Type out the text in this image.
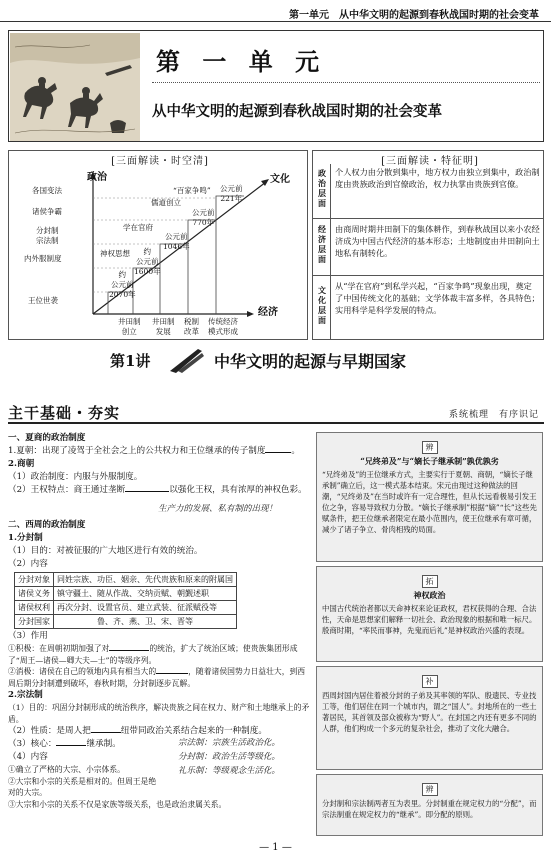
第一单元　从中华文明的起源到春秋战国时期的社会变革
第 一 单 元
从中华文明的起源到春秋战国时期的社会变革
[三面解读・时空清]
政治	文化
经济
各国变法
诸侯争霸
分封制
宗法制
内外服制度
王位世袭
神权思想
学在官府
儒道创立
“百家争鸣”
约
公元前
2070年
约
公元前
1600年
公元前
1046年
公元前
770年
公元前
221年
井田制
创立
井田制
发展
税制
改革
传统经济
模式形成
[三面解读・特征明]
政治层面
个人权力由分散到集中，地方权力由独立到集中，政治制度由贵族政治到官僚政治，权力执掌由贵族到官僚。
经济层面
由商周时期井田制下的集体耕作，到春秋战国以来小农经济成为中国古代经济的基本形态；土地制度由井田制向土地私有制转化。
文化层面
从“学在官府”到私学兴起，“百家争鸣”现象出现，奠定了中国传统文化的基础；文学体裁丰富多样，各具特色；实用科学是科学发展的特点。
第1讲	中华文明的起源与早期国家
主干基础・夯实	系统梳理　有序识记
一、夏商的政治制度
1.夏朝：出现了凌驾于全社会之上的公共权力和王位继承的传子制度	。
2.商朝
（1）政治制度：内服与外服制度。
（2）王权特点：商王通过垄断	以强化王权，具有浓厚的神权色彩。
生产力的发展、私有制的出现！
二、西周的政治制度
1.分封制
（1）目的：对被征服的广大地区进行有效的统治。
（2）内容
分封对象	同姓宗族、功臣、姻亲、先代贵族和原来的附属国
诸侯义务	镇守疆土、随从作战、交纳贡赋、朝觐述职
诸侯权利	再次分封、设置官员、建立武装、征派赋役等
分封国家	鲁、齐、燕、卫、宋、晋等
（3）作用
①积极：在周朝初期加强了对	的统治，扩大了统治区域；使贵族集团形成了“周王—诸侯—卿大夫—士”的等级序列。
②消极：诸侯在自己的领地内具有相当大的	，随着诸侯国势力日益壮大，到西周后期分封制遭到破坏，春秋时期，分封制逐步瓦解。
2.宗法制
（1）目的：巩固分封制形成的统治秩序，解决贵族之间在权力、财产和土地继承上的矛盾。
（2）性质：是周人把	纽带同政治关系结合起来的一种制度。
（3）核心：	继承制。
（4）内容
①确立了严格的大宗、小宗体系。
②大宗和小宗的关系是相对的。但周王是绝对的大宗。
③大宗和小宗的关系不仅是家族等级关系，也是政治隶属关系。
宗法制：宗族生活政治化。
分封制：政治生活等级化。
礼乐制：等级观念生活化。
辨
“兄终弟及”与“嫡长子继承制”孰优孰劣
“兄终弟及”的王位继承方式，主要实行于夏朝、商朝，“嫡长子继承制”确立后，这一模式基本结束。宋元由现过这种做法的回潮，“兄终弟及”在当时或许有一定合理性，但从长远看极易引发王位之争，容易导致权力分散。“嫡长子继承制”根据“嫡”“长”这些先赋条件，把王位继承者限定在最小范围内，使王位继承有章可循，减少了诸子争立、骨肉相残的局面。
拓
神权政治
中国古代统治者都以天命神权来论证政权，君权获得的合理、合法性，天命是思想家们解释一切社会、政治现象的根据和唯一标尺。殷商时期，“率民而事神，先鬼而后礼”是神权政治兴盛的表现。
补
西周封国内居住着被分封的子弟及其率领的军队、殷遗民、专业技工等，他们居住在同一个城市内，谓之“国人”。封地所在的一些土著居民，其首领及部众被称为“野人”。在封国之内还有更多不同的人群，他们构成一个多元的复杂社会，推动了文化大融合。
辨
分封制和宗法制两者互为表里。分封制重在规定权力的“分配”，而宗法制重在规定权力的“继承”。即分配的原则。
— 1 —
